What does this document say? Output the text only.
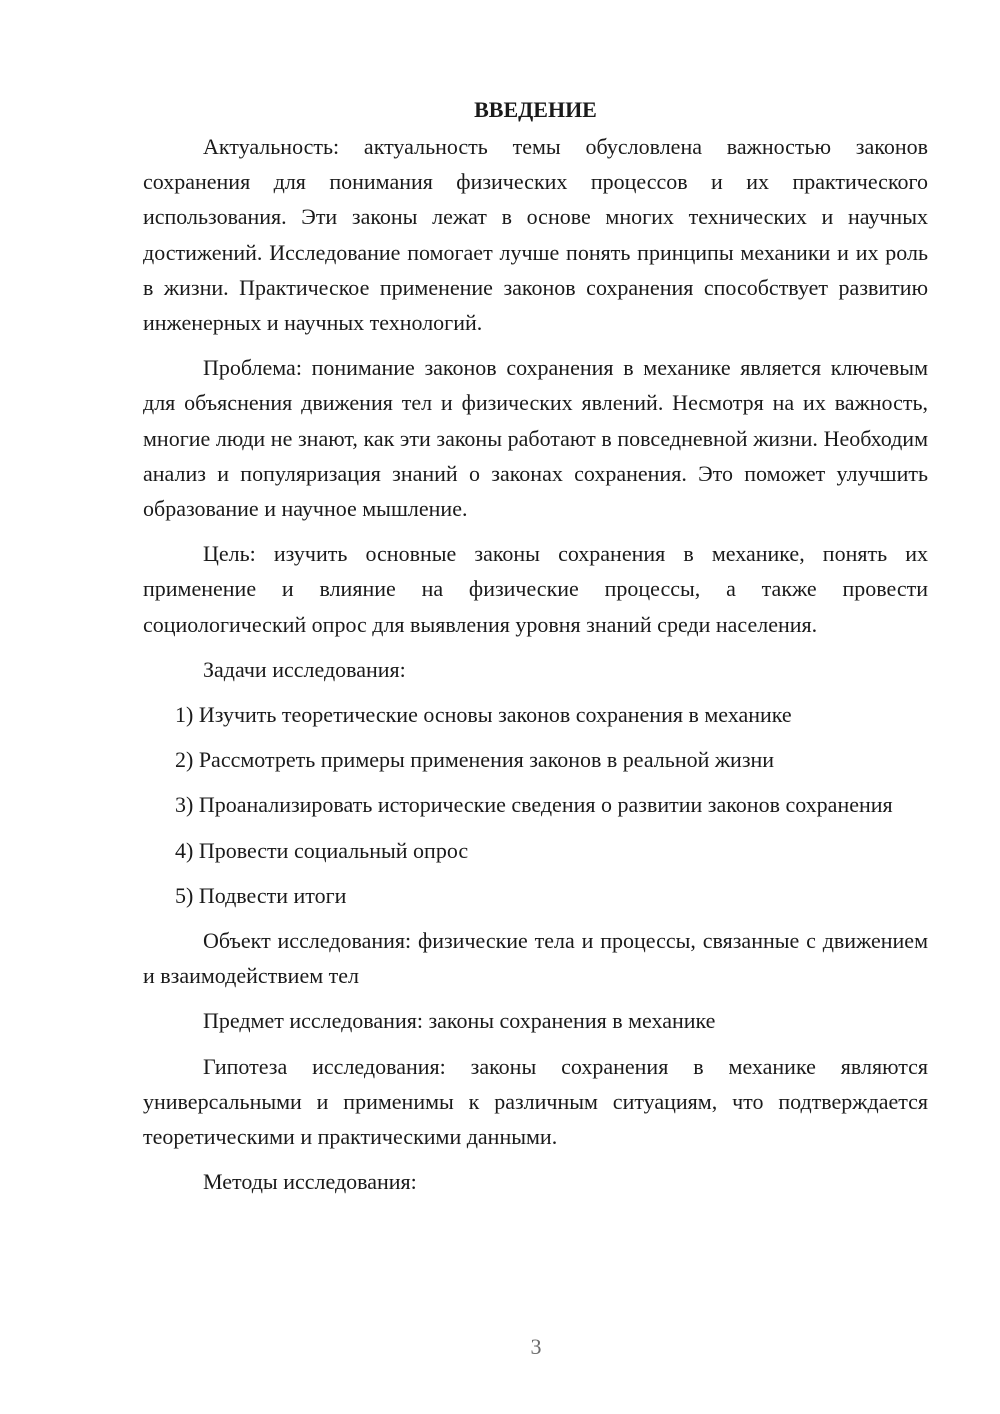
ВВЕДЕНИЕ

Актуальность: актуальность темы обусловлена важностью законов сохранения для понимания физических процессов и их практического использования. Эти законы лежат в основе многих технических и научных достижений. Исследование помогает лучше понять принципы механики и их роль в жизни. Практическое применение законов сохранения способствует развитию инженерных и научных технологий.

Проблема: понимание законов сохранения в механике является ключевым для объяснения движения тел и физических явлений. Несмотря на их важность, многие люди не знают, как эти законы работают в повседневной жизни. Необходим анализ и популяризация знаний о законах сохранения. Это поможет улучшить образование и научное мышление.

Цель: изучить основные законы сохранения в механике, понять их применение и влияние на физические процессы, а также провести социологический опрос для выявления уровня знаний среди населения.

Задачи исследования:

1) Изучить теоретические основы законов сохранения в механике

2) Рассмотреть примеры применения законов в реальной жизни

3) Проанализировать исторические сведения о развитии законов сохранения

4) Провести социальный опрос

5) Подвести итоги

Объект исследования: физические тела и процессы, связанные с движением и взаимодействием тел

Предмет исследования: законы сохранения в механике

Гипотеза исследования: законы сохранения в механике являются универсальными и применимы к различным ситуациям, что подтверждается теоретическими и практическими данными.

Методы исследования:

3
